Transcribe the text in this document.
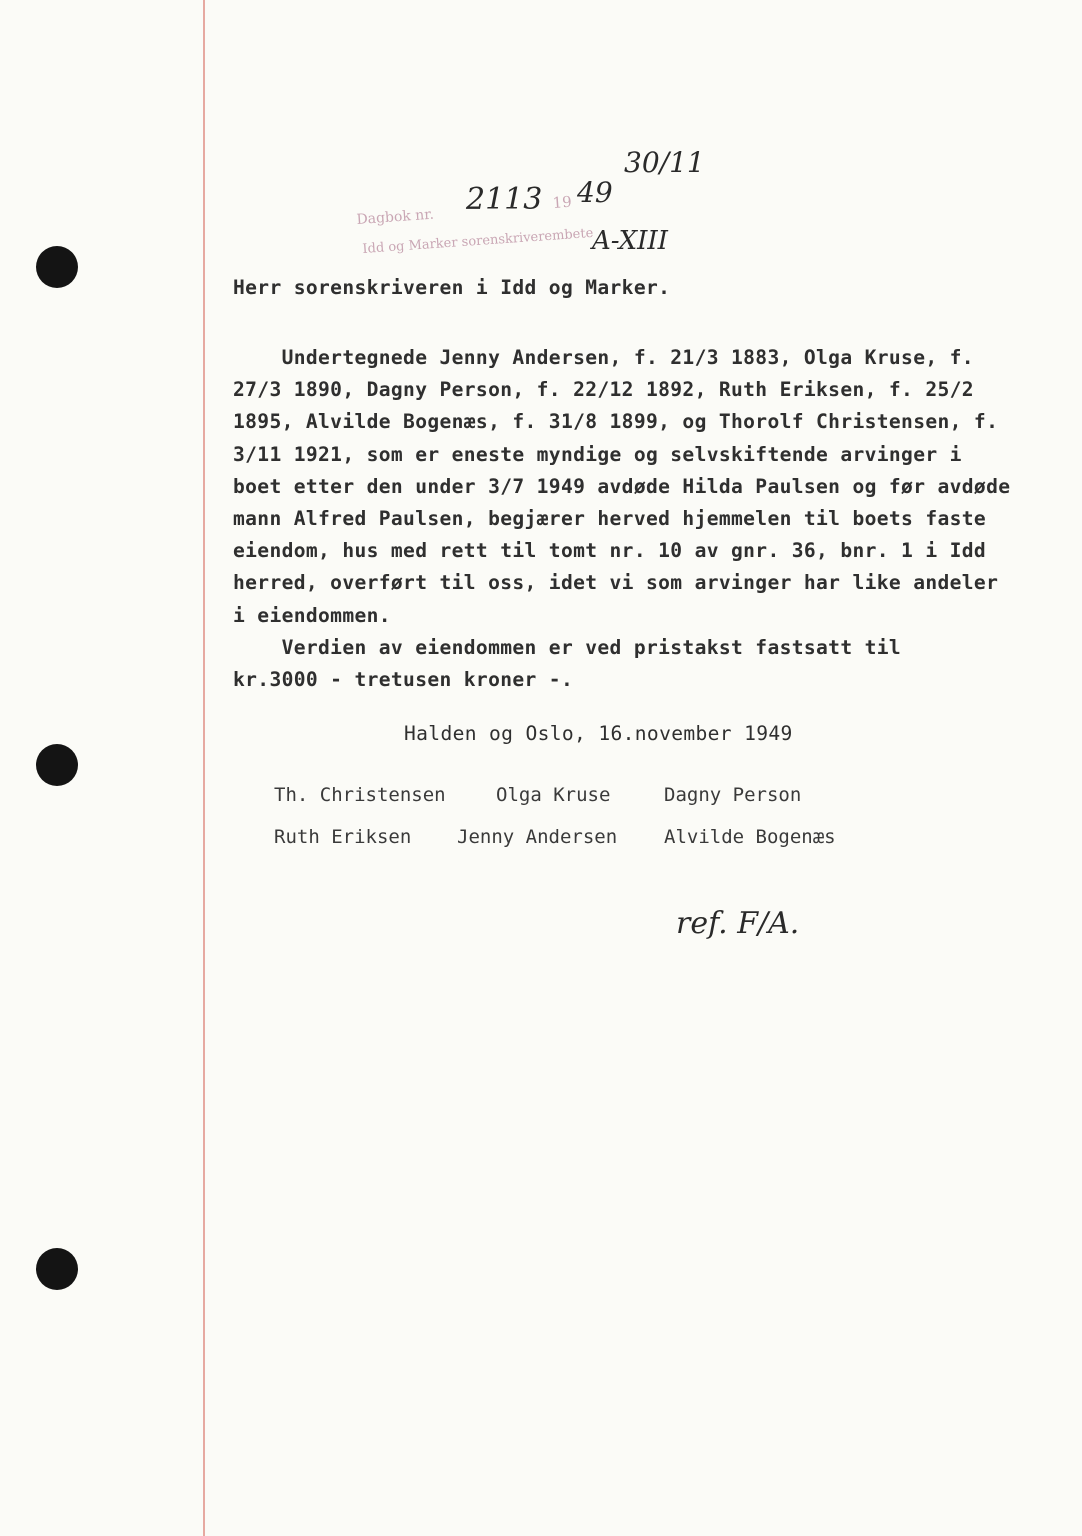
Dagbok nr.
2113 19 49
30/11
Idd og Marker sorenskriverembete
A-XIII
Herr sorenskriveren i Idd og Marker.
Undertegnede Jenny Andersen, f. 21/3 1883, Olga Kruse, f.
27/3 1890, Dagny Person, f. 22/12 1892, Ruth Eriksen, f. 25/2
1895, Alvilde Bogenæs, f. 31/8 1899, og Thorolf Christensen, f.
3/11 1921, som er eneste myndige og selvskiftende arvinger i
boet etter den under 3/7 1949 avdøde Hilda Paulsen og før avdøde
mann Alfred Paulsen, begjærer herved hjemmelen til boets faste
eiendom, hus med rett til tomt nr. 10 av gnr. 36, bnr. 1 i Idd
herred, overført til oss, idet vi som arvinger har like andeler
i eiendommen.
Verdien av eiendommen er ved pristakst fastsatt til
kr.3000 - tretusen kroner -.
Halden og Oslo, 16.november 1949
Th. Christensen	Olga Kruse	Dagny Person
Ruth Eriksen Jenny Andersen Alvilde Bogenæs
ref. F/A.
